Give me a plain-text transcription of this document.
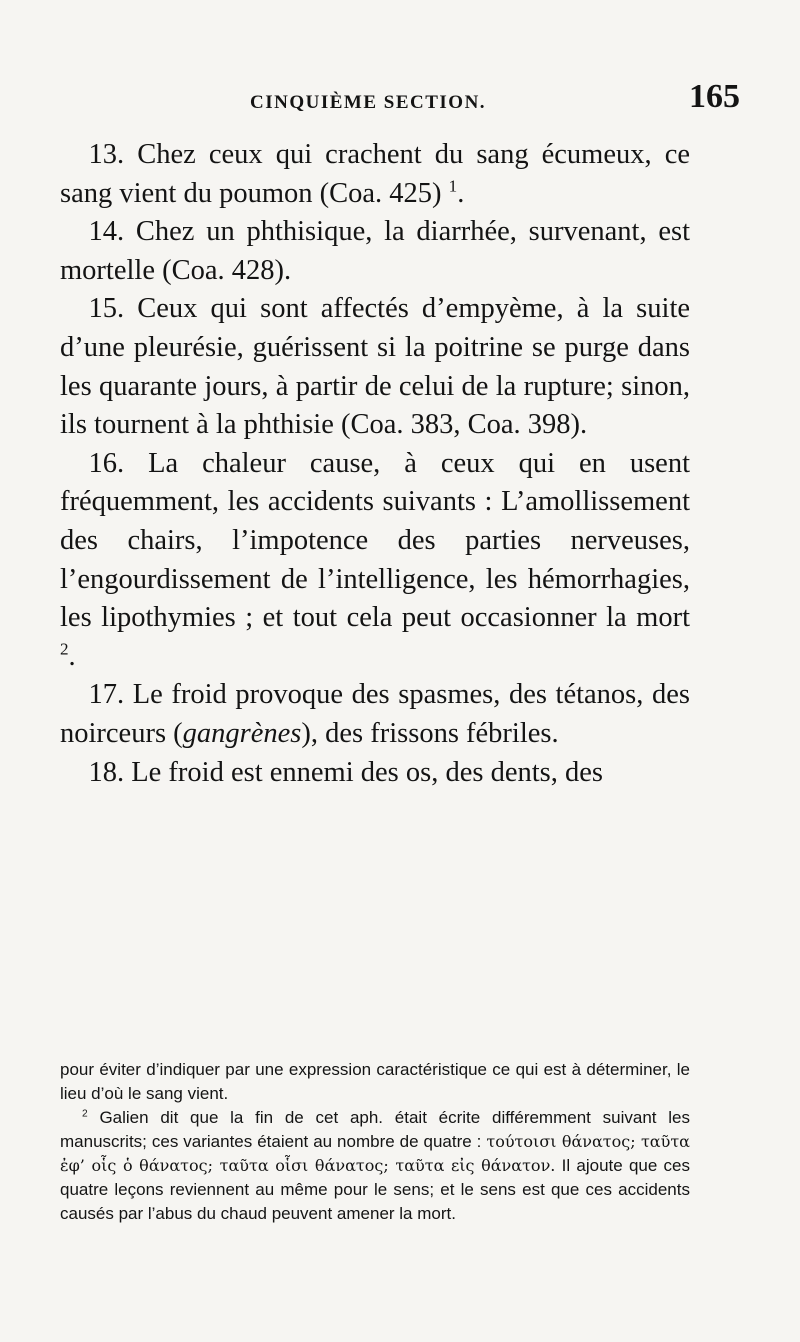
CINQUIÈME SECTION.	165

 13. Chez ceux qui crachent du sang écumeux, ce sang vient du poumon (Coa. 425) $^1$.

 14. Chez un phthisique, la diarrhée, survenant, est mortelle (Coa. 428).

 15. Ceux qui sont affectés d’empyème, à la suite d’une pleurésie, guérissent si la poitrine se purge dans les quarante jours, à partir de celui de la rupture; sinon, ils tournent à la phthisie (Coa. 383, Coa. 398).

 16. La chaleur cause, à ceux qui en usent fréquemment, les accidents suivants : L’amollissement des chairs, l’impotence des parties nerveuses, l’engourdissement de l’intelligence, les hémorrhagies, les lipothymies ; et tout cela peut occasionner la mort $^2$.

 17. Le froid provoque des spasmes, des tétanos, des noirceurs (gangrènes), des frissons fébriles.

 18. Le froid est ennemi des os, des dents, des

pour éviter d’indiquer par une expression caractéristique ce qui est à déterminer, le lieu d’où le sang vient.

$^2$ Galien dit que la fin de cet aph. était écrite différemment suivant les manuscrits; ces variantes étaient au nombre de quatre : τούτοισι θάνατος; ταῦτα ἐφ’ οἷς ὁ θάνατος; ταῦτα οἷσι θάνατος; ταῦτα εἰς θάνατον. Il ajoute que ces quatre leçons reviennent au même pour le sens; et le sens est que ces accidents causés par l’abus du chaud peuvent amener la mort.
